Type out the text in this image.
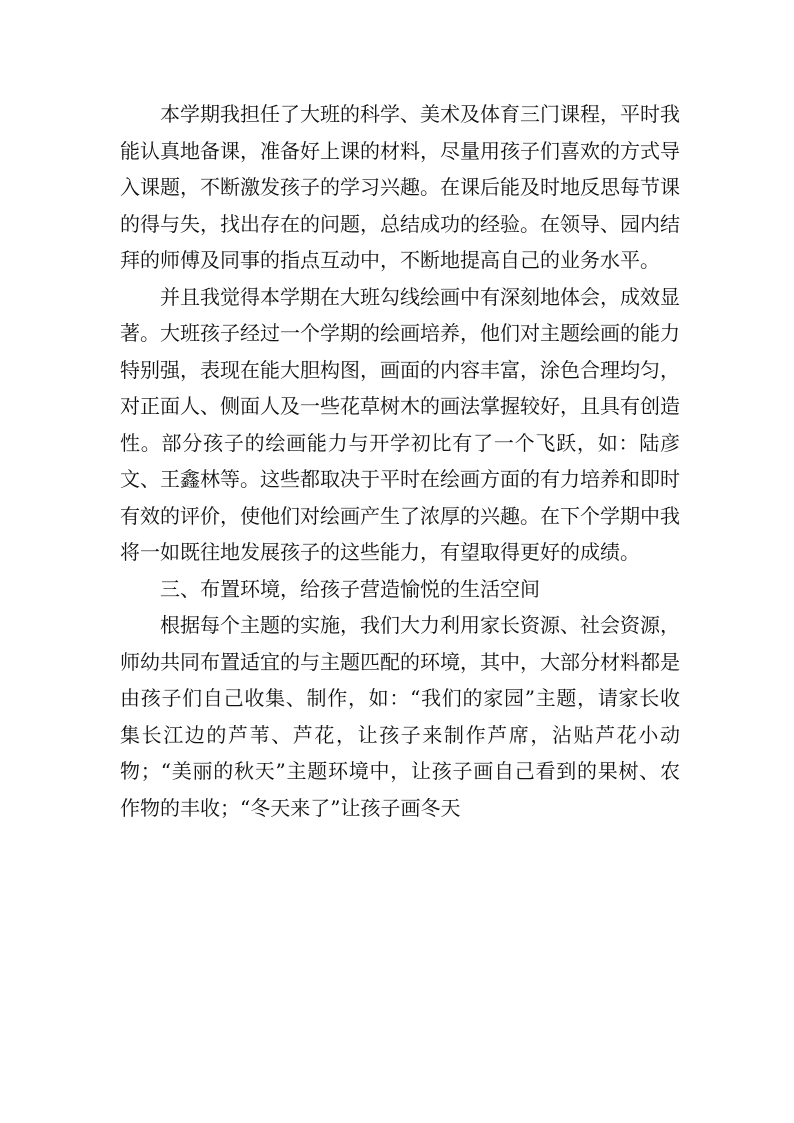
本学期我担任了大班的科学、美术及体育三门课程，平时我能认真地备课，准备好上课的材料，尽量用孩子们喜欢的方式导入课题，不断激发孩子的学习兴趣。在课后能及时地反思每节课的得与失，找出存在的问题，总结成功的经验。在领导、园内结拜的师傅及同事的指点互动中，不断地提高自己的业务水平。

并且我觉得本学期在大班勾线绘画中有深刻地体会，成效显著。大班孩子经过一个学期的绘画培养，他们对主题绘画的能力特别强，表现在能大胆构图，画面的内容丰富，涂色合理均匀，对正面人、侧面人及一些花草树木的画法掌握较好，且具有创造性。部分孩子的绘画能力与开学初比有了一个飞跃，如：陆彦文、王鑫林等。这些都取决于平时在绘画方面的有力培养和即时有效的评价，使他们对绘画产生了浓厚的兴趣。在下个学期中我将一如既往地发展孩子的这些能力，有望取得更好的成绩。

三、布置环境，给孩子营造愉悦的生活空间

根据每个主题的实施，我们大力利用家长资源、社会资源，师幼共同布置适宜的与主题匹配的环境，其中，大部分材料都是由孩子们自己收集、制作，如：“我们的家园”主题，请家长收集长江边的芦苇、芦花，让孩子来制作芦席，沾贴芦花小动物；“美丽的秋天”主题环境中，让孩子画自己看到的果树、农作物的丰收；“冬天来了”让孩子画冬天
